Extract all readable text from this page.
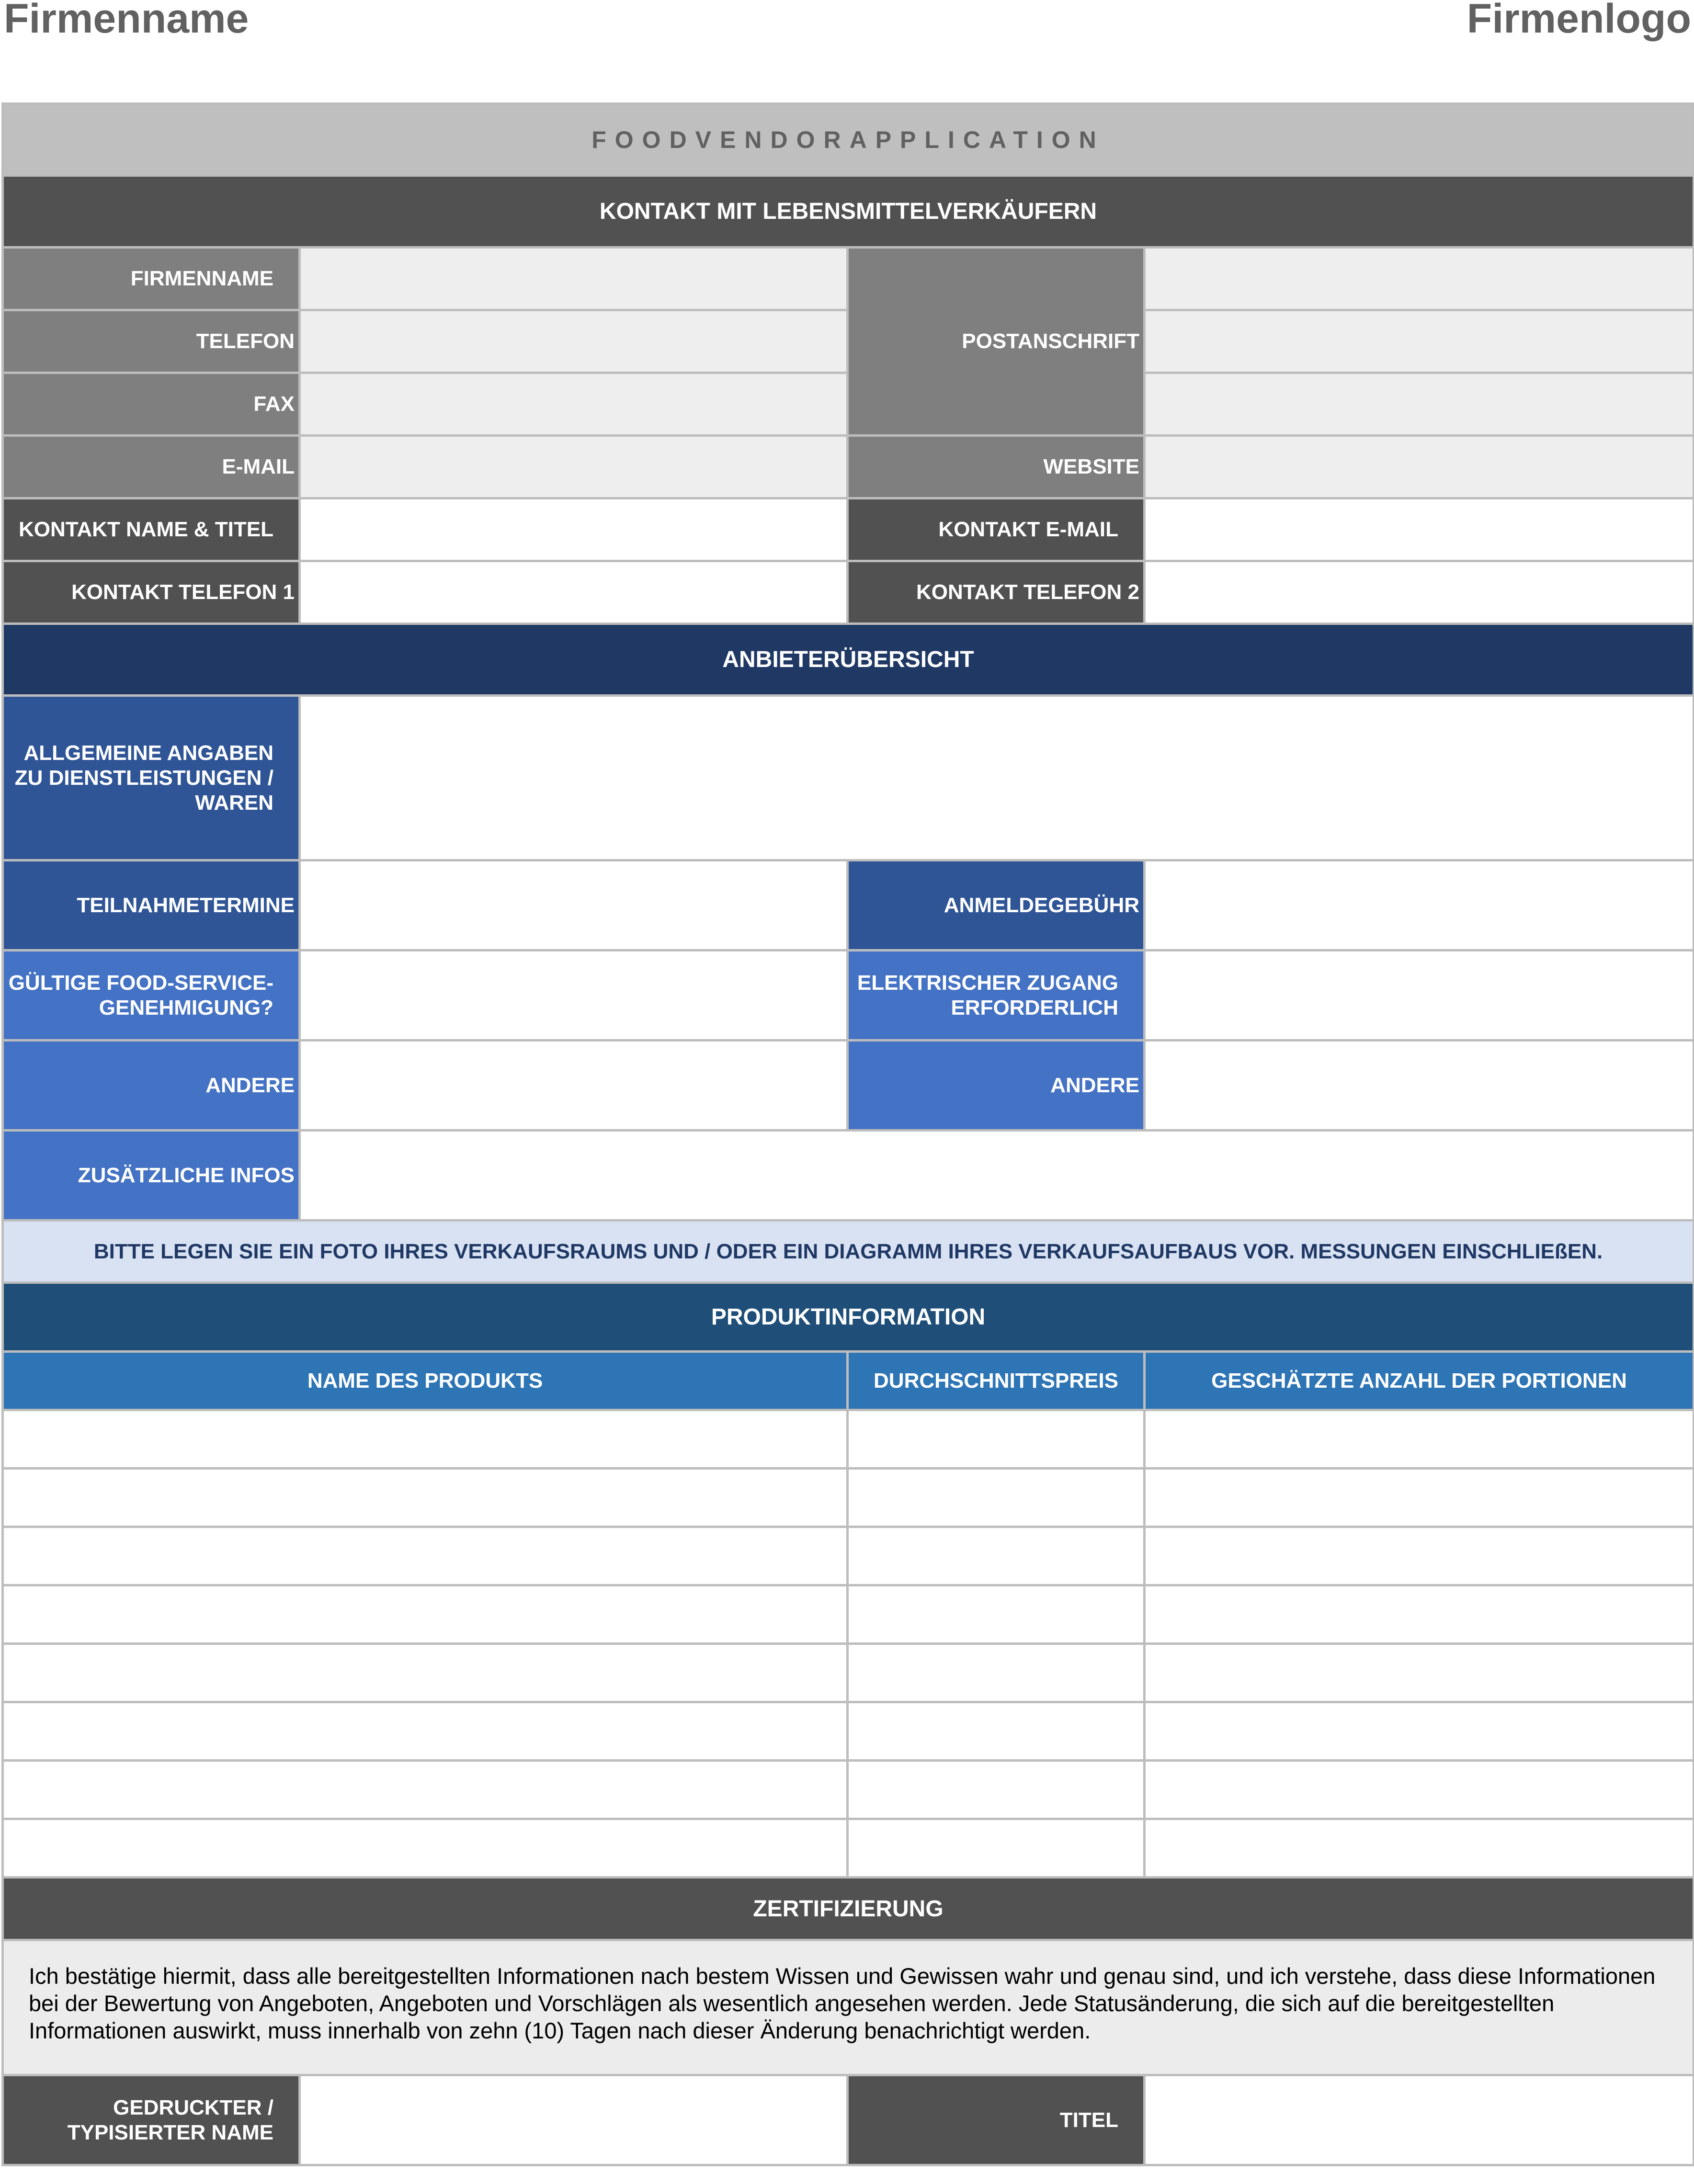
Firmenname	Firmenlogo
FOODVENDORAPPLICATION			
KONTAKT MIT LEBENSMITTELVERKÄUFERN			
FIRMENNAME		POSTANSCHRIFT	
TELEFON			
FAX			
E-MAIL		WEBSITE	
KONTAKT NAME & TITEL		KONTAKT E-MAIL	
KONTAKT TELEFON 1		KONTAKT TELEFON 2	
ANBIETERÜBERSICHT			
ALLGEMEINE ANGABEN ZU DIENSTLEISTUNGEN / WAREN			
TEILNAHMETERMINE		ANMELDEGEBÜHR	
GÜLTIGE FOOD-SERVICE-GENEHMIGUNG?		ELEKTRISCHER ZUGANG ERFORDERLICH	
ANDERE		ANDERE	
ZUSÄTZLICHE INFOS			
BITTE LEGEN SIE EIN FOTO IHRES VERKAUFSRAUMS UND / ODER EIN DIAGRAMM IHRES VERKAUFSAUFBAUS VOR. MESSUNGEN EINSCHLIEßEN.			
PRODUKTINFORMATION			
NAME DES PRODUKTS		DURCHSCHNITTSPREIS	GESCHÄTZTE ANZAHL DER PORTIONEN

ZERTIFIZIERUNG			
Ich bestätige hiermit, dass alle bereitgestellten Informationen nach bestem Wissen und Gewissen wahr und genau sind, und ich verstehe, dass diese Informationen bei der Bewertung von Angeboten, Angeboten und Vorschlägen als wesentlich angesehen werden. Jede Statusänderung, die sich auf die bereitgestellten Informationen auswirkt, muss innerhalb von zehn (10) Tagen nach dieser Änderung benachrichtigt werden.			
GEDRUCKTER / TYPISIERTER NAME		TITEL	
